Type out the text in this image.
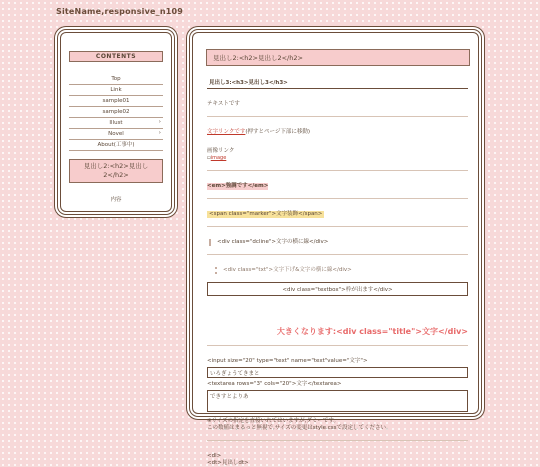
SiteName,responsive_n109
CONTENTS
Top
Link
sample01
sample02
Illust	›
Novel	›
About(工事中)
見出し2:<h2>見出し
2</h2>
内容
見出し2:<h2>見出し2</h2>
見出し3:<h3>見出し3</h3>
テキストです
文字リンクです(押すとページ下部に移動)
画像リンク
▫image
<em>強調です</em>
<span class="marker">文字装飾</span>
<div class="dcline">文字の横に線</div>
<div class="txt">文字下げ&文字の横に線</div>
<div class="textbox">枠が出ます</div>
大きくなります:<div class="title">文字</div>
<input size="20" type="text" name="text"value="文字">
いろぎょうてきまと
<textarea rows="3" cols="20">文字</textarea>
できすとよりあ
※サイズの指定を直接いれてはいますが,ダミーです。
この数値はまるっと無視で,サイズの変更はstyle.cssで設定してください。
<dl>
<dt>見出しdt>
